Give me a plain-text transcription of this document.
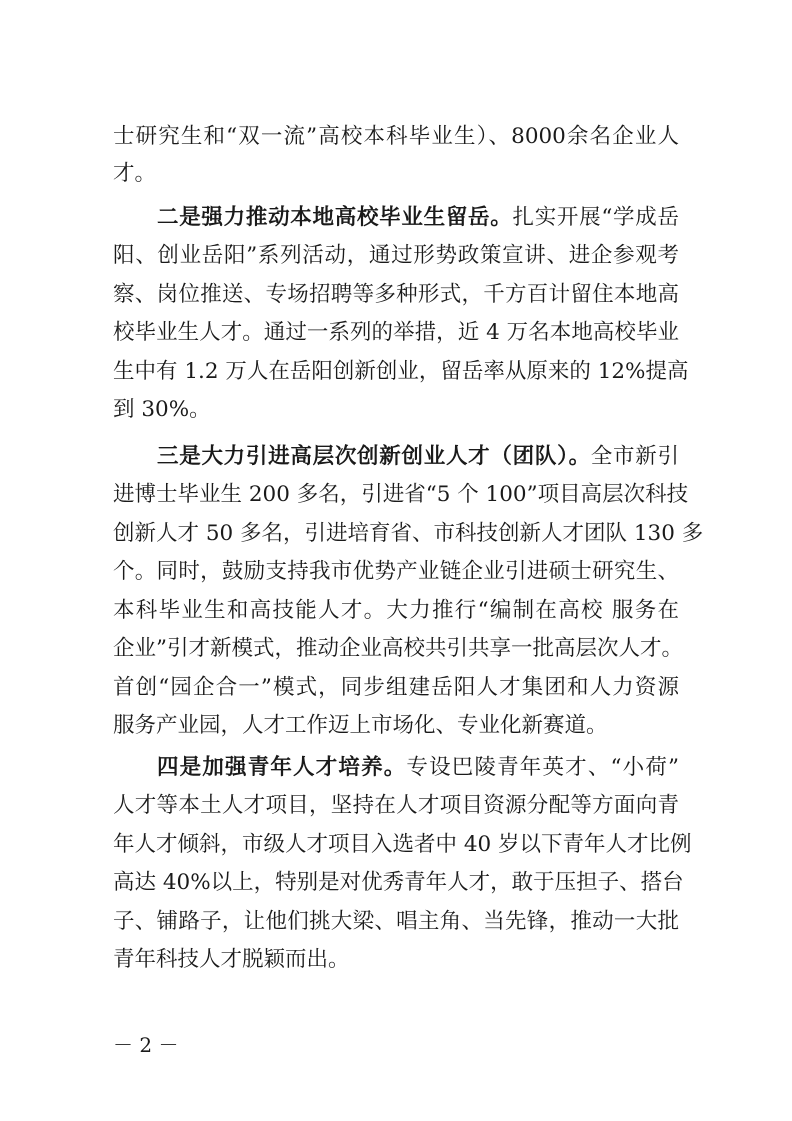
士研究生和“双一流”高校本科毕业生）、8000余名企业人
才。
二是强力推动本地高校毕业生留岳。扎实开展“学成岳
阳、创业岳阳”系列活动，通过形势政策宣讲、进企参观考
察、岗位推送、专场招聘等多种形式，千方百计留住本地高
校毕业生人才。通过一系列的举措，近 4 万名本地高校毕业
生中有 1.2 万人在岳阳创新创业，留岳率从原来的 12%提高
到 30%。
三是大力引进高层次创新创业人才（团队）。全市新引
进博士毕业生 200 多名，引进省“5 个 100”项目高层次科技
创新人才 50 多名，引进培育省、市科技创新人才团队 130 多
个。同时，鼓励支持我市优势产业链企业引进硕士研究生、
本科毕业生和高技能人才。大力推行“编制在高校 服务在
企业”引才新模式，推动企业高校共引共享一批高层次人才。
首创“园企合一”模式，同步组建岳阳人才集团和人力资源
服务产业园，人才工作迈上市场化、专业化新赛道。
四是加强青年人才培养。专设巴陵青年英才、“小荷”
人才等本土人才项目，坚持在人才项目资源分配等方面向青
年人才倾斜，市级人才项目入选者中 40 岁以下青年人才比例
高达 40%以上，特别是对优秀青年人才，敢于压担子、搭台
子、铺路子，让他们挑大梁、唱主角、当先锋，推动一大批
青年科技人才脱颖而出。
－ 2 －
